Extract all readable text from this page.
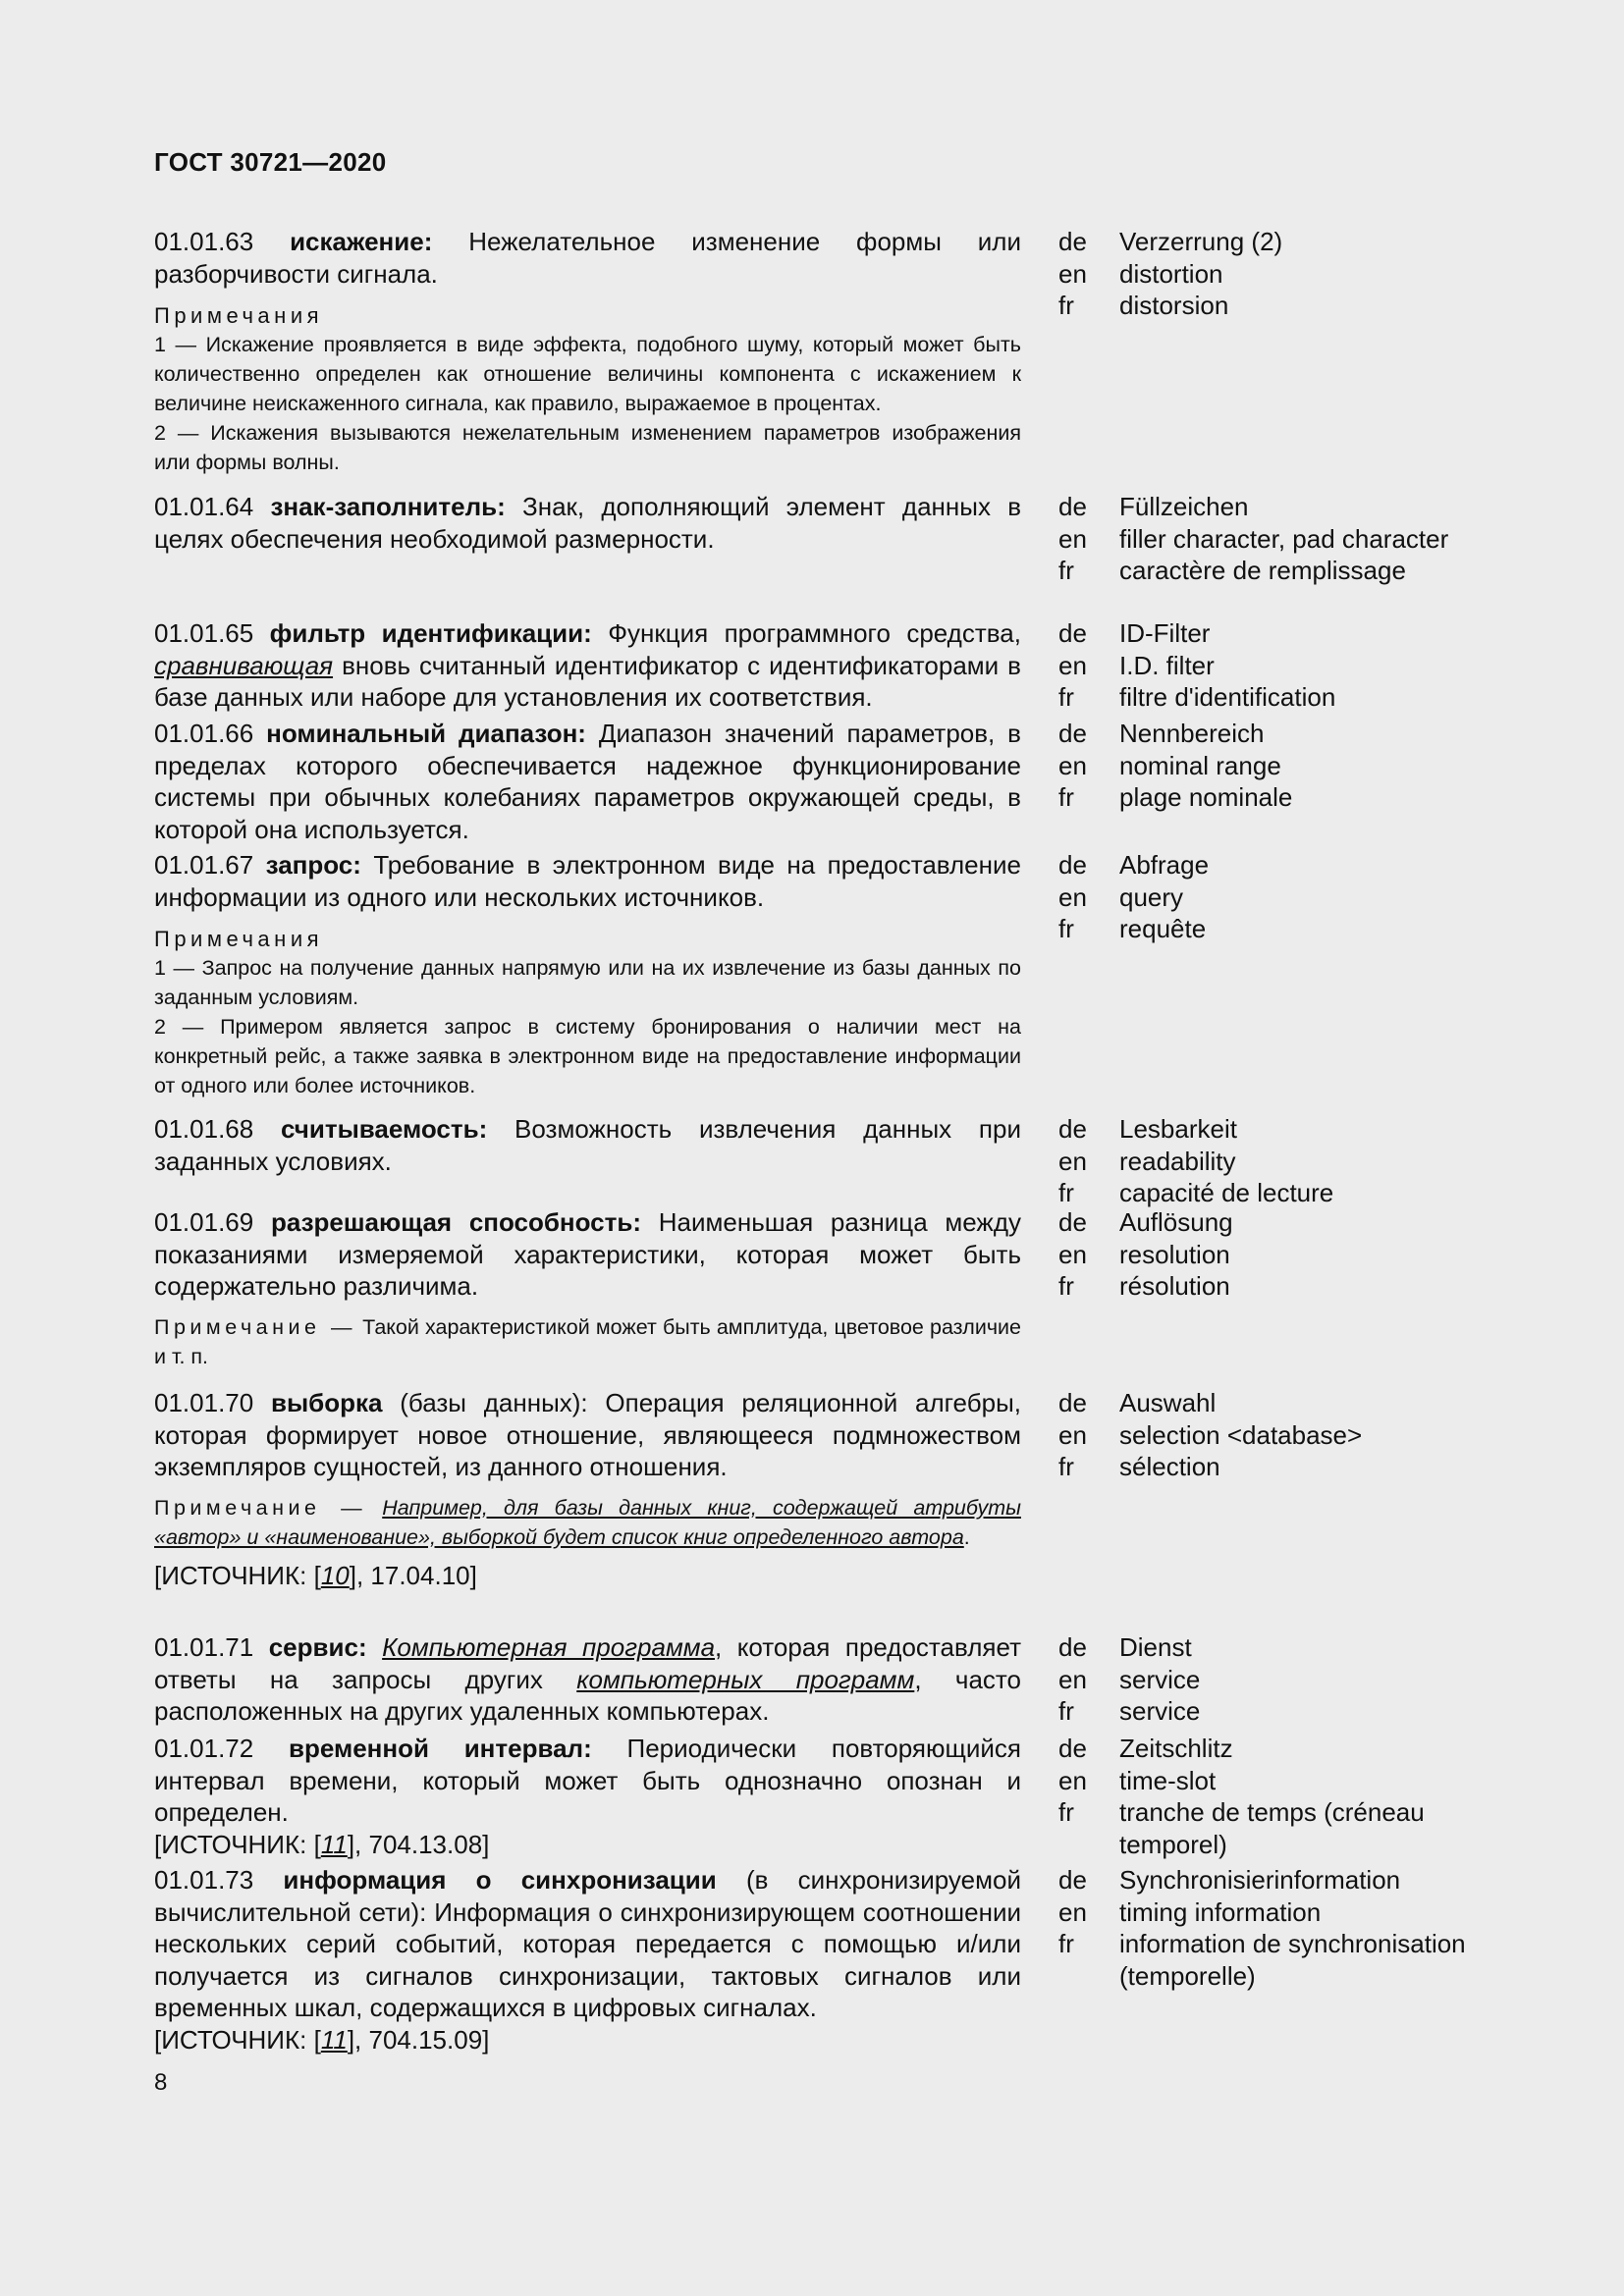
ГОСТ 30721—2020
01.01.63 искажение: Нежелательное изменение формы или разборчивости сигнала.
Примечания
1 — Искажение проявляется в виде эффекта, подобного шуму, который может быть количественно определен как отношение величины компонента с искажением к величине неискаженного сигнала, как правило, выражаемое в процентах.
2 — Искажения вызываются нежелательным изменением параметров изображения или формы волны.
de	Verzerrung (2)
en	distortion
fr	distorsion
01.01.64 знак-заполнитель: Знак, дополняющий элемент данных в целях обеспечения необходимой размерности.
de	Füllzeichen
en	filler character, pad character
fr	caractère de remplissage
01.01.65 фильтр идентификации: Функция программного средства, сравнивающая вновь считанный идентификатор с идентификаторами в базе данных или наборе для установления их соответствия.
de	ID-Filter
en	I.D. filter
fr	filtre d'identification
01.01.66 номинальный диапазон: Диапазон значений параметров, в пределах которого обеспечивается надежное функционирование системы при обычных колебаниях параметров окружающей среды, в которой она используется.
de	Nennbereich
en	nominal range
fr	plage nominale
01.01.67 запрос: Требование в электронном виде на предоставление информации из одного или нескольких источников.
Примечания
1 — Запрос на получение данных напрямую или на их извлечение из базы данных по заданным условиям.
2 — Примером является запрос в систему бронирования о наличии мест на конкретный рейс, а также заявка в электронном виде на предоставление информации от одного или более источников.
de	Abfrage
en	query
fr	requête
01.01.68 считываемость: Возможность извлечения данных при заданных условиях.
de	Lesbarkeit
en	readability
fr	capacité de lecture
01.01.69 разрешающая способность: Наименьшая разница между показаниями измеряемой характеристики, которая может быть содержательно различима.
Примечание — Такой характеристикой может быть амплитуда, цветовое различие и т. п.
de	Auflösung
en	resolution
fr	résolution
01.01.70 выборка (базы данных): Операция реляционной алгебры, которая формирует новое отношение, являющееся подмножеством экземпляров сущностей, из данного отношения.
Примечание — Например, для базы данных книг, содержащей атрибуты «автор» и «наименование», выборкой будет список книг определенного автора.
[ИСТОЧНИК: [10], 17.04.10]
de	Auswahl
en	selection <database>
fr	sélection
01.01.71 сервис: Компьютерная программа, которая предоставляет ответы на запросы других компьютерных программ, часто расположенных на других удаленных компьютерах.
de	Dienst
en	service
fr	service
01.01.72 временной интервал: Периодически повторяющийся интервал времени, который может быть однозначно опознан и определен.
[ИСТОЧНИК: [11], 704.13.08]
de	Zeitschlitz
en	time-slot
fr	tranche de temps (créneau temporel)
01.01.73 информация о синхронизации (в синхронизируемой вычислительной сети): Информация о синхронизирующем соотношении нескольких серий событий, которая передается с помощью и/или получается из сигналов синхронизации, тактовых сигналов или временных шкал, содержащихся в цифровых сигналах.
[ИСТОЧНИК: [11], 704.15.09]
de	Synchronisierinformation
en	timing information
fr	information de synchronisation (temporelle)
8
